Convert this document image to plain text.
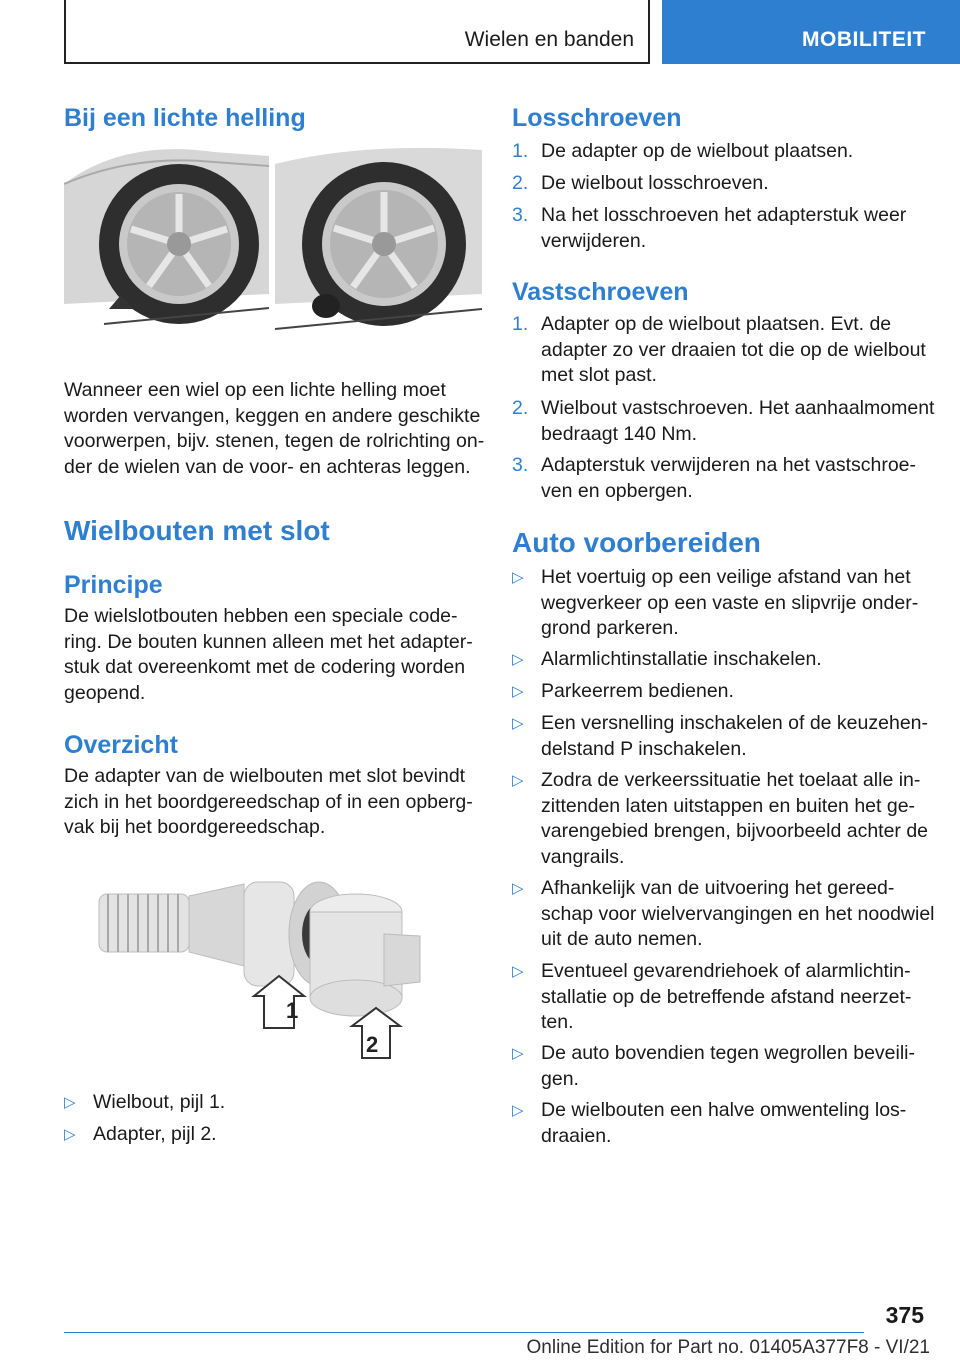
Wielen en banden	MOBILITEIT
Bij een lichte helling
Wanneer een wiel op een lichte helling moet
worden vervangen, keggen en andere geschikte
voorwerpen, bijv. stenen, tegen de rolrichting on-
der de wielen van de voor- en achteras leggen.
Wielbouten met slot
Principe
De wielslotbouten hebben een speciale code-
ring. De bouten kunnen alleen met het adapter-
stuk dat overeenkomt met de codering worden
geopend.
Overzicht
De adapter van de wielbouten met slot bevindt
zich in het boordgereedschap of in een opberg-
vak bij het boordgereedschap.
1
2
▷ Wielbout, pijl 1.
▷ Adapter, pijl 2.
Losschroeven
1. De adapter op de wielbout plaatsen.
2. De wielbout losschroeven.
3. Na het losschroeven het adapterstuk weer
verwijderen.
Vastschroeven
1. Adapter op de wielbout plaatsen. Evt. de
adapter zo ver draaien tot die op de wielbout
met slot past.
2. Wielbout vastschroeven. Het aanhaalmoment
bedraagt 140 Nm.
3. Adapterstuk verwijderen na het vastschroe-
ven en opbergen.
Auto voorbereiden
▷ Het voertuig op een veilige afstand van het
wegverkeer op een vaste en slipvrije onder-
grond parkeren.
▷ Alarmlichtinstallatie inschakelen.
▷ Parkeerrem bedienen.
▷ Een versnelling inschakelen of de keuzehen-
delstand P inschakelen.
▷ Zodra de verkeerssituatie het toelaat alle in-
zittenden laten uitstappen en buiten het ge-
varengebied brengen, bijvoorbeeld achter de
vangrails.
▷ Afhankelijk van de uitvoering het gereed-
schap voor wielvervangingen en het noodwiel
uit de auto nemen.
▷ Eventueel gevarendriehoek of alarmlichtin-
stallatie op de betreffende afstand neerzet-
ten.
▷ De auto bovendien tegen wegrollen beveili-
gen.
▷ De wielbouten een halve omwenteling los-
draaien.
375
Online Edition for Part no. 01405A377F8 - VI/21
